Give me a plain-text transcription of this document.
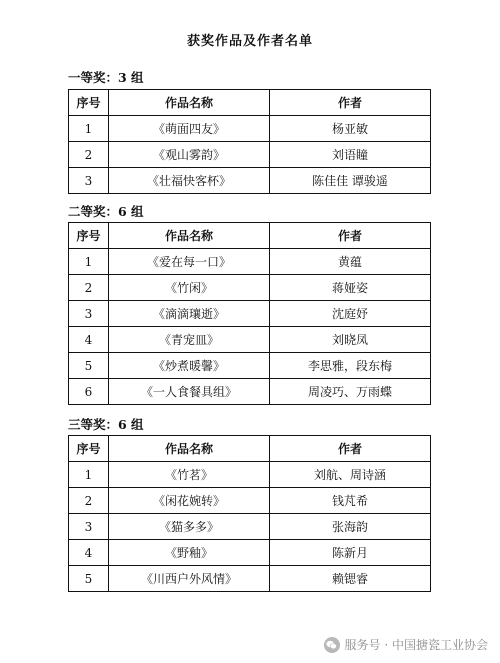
获奖作品及作者名单
一等奖：3 组
序号	作品名称	作者
1	《萌面四友》	杨亚敏
2	《观山雾韵》	刘语瞳
3	《壮福快客杯》	陈佳佳 谭骏遥
二等奖：6 组
序号	作品名称	作者
1	《爱在每一口》	黄蕴
2	《竹闲》	蒋娅姿
3	《滴滴瓖逝》	沈庭妤
4	《青宠皿》	刘晓凤
5	《炒煮暖馨》	李思雅，段东梅
6	《一人食餐具组》	周凌巧、万雨蝶
三等奖：6 组
序号	作品名称	作者
1	《竹茗》	刘航、周诗涵
2	《闲花婉转》	钱芃希
3	《猫多多》	张海韵
4	《野釉》	陈新月
5	《川西户外风情》	赖锶睿
服务号 · 中国搪瓷工业协会
